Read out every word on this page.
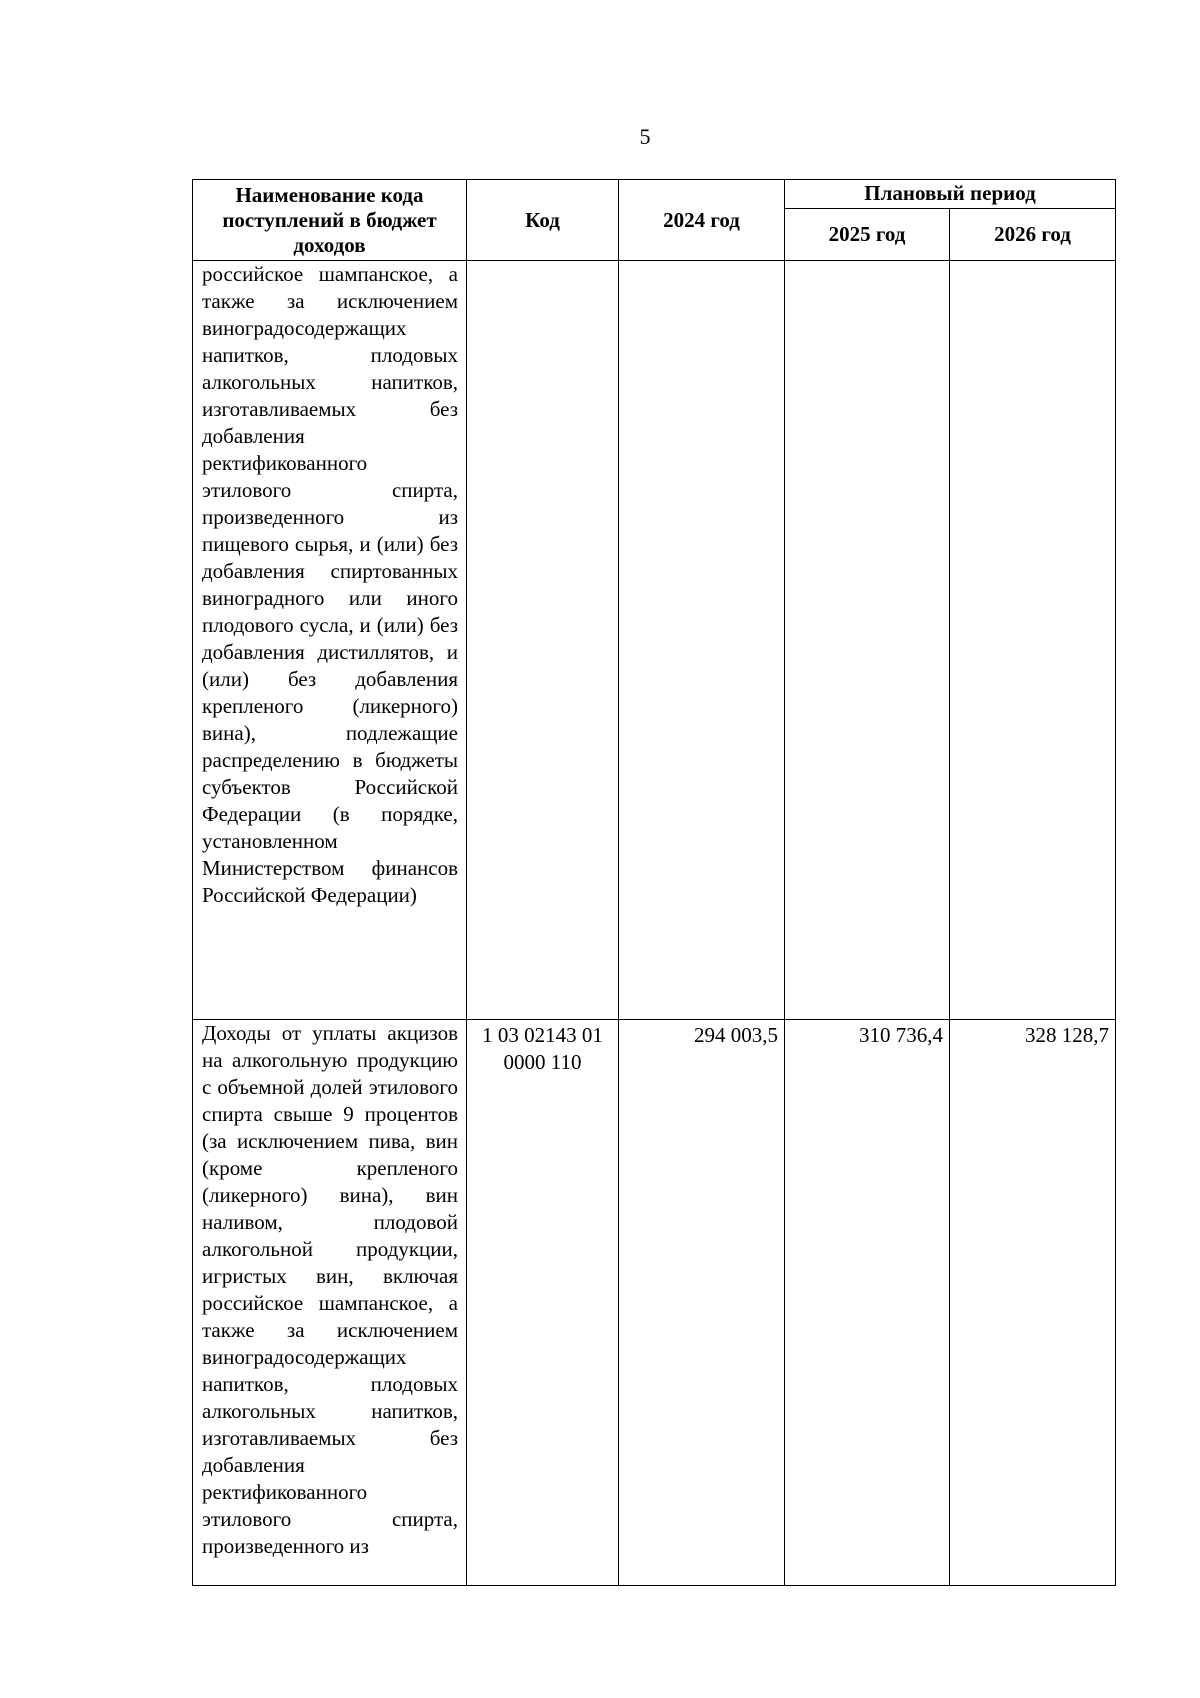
5
Наименование кода поступлений в бюджет доходов	Код	2024 год	Плановый период	
			2025 год	2026 год

российское шампанское, а также за исключением виноградосодержащих напитков, плодовых алкогольных напитков, изготавливаемых без добавления ректификованного этилового спирта, произведенного из пищевого сырья, и (или) без добавления спиртованных виноградного или иного плодового сусла, и (или) без добавления дистиллятов, и (или) без добавления крепленого (ликерного) вина), подлежащие распределению в бюджеты субъектов Российской Федерации (в порядке, установленном Министерством финансов Российской Федерации)				

Доходы от уплаты акцизов на алкогольную продукцию с объемной долей этилового спирта свыше 9 процентов (за исключением пива, вин (кроме крепленого (ликерного) вина), вин наливом, плодовой алкогольной продукции, игристых вин, включая российское шампанское, а также за исключением виноградосодержащих напитков, плодовых алкогольных напитков, изготавливаемых без добавления ректификованного этилового спирта, произведенного из	1 03 02143 01 0000 110	294 003,5	310 736,4	328 128,7
